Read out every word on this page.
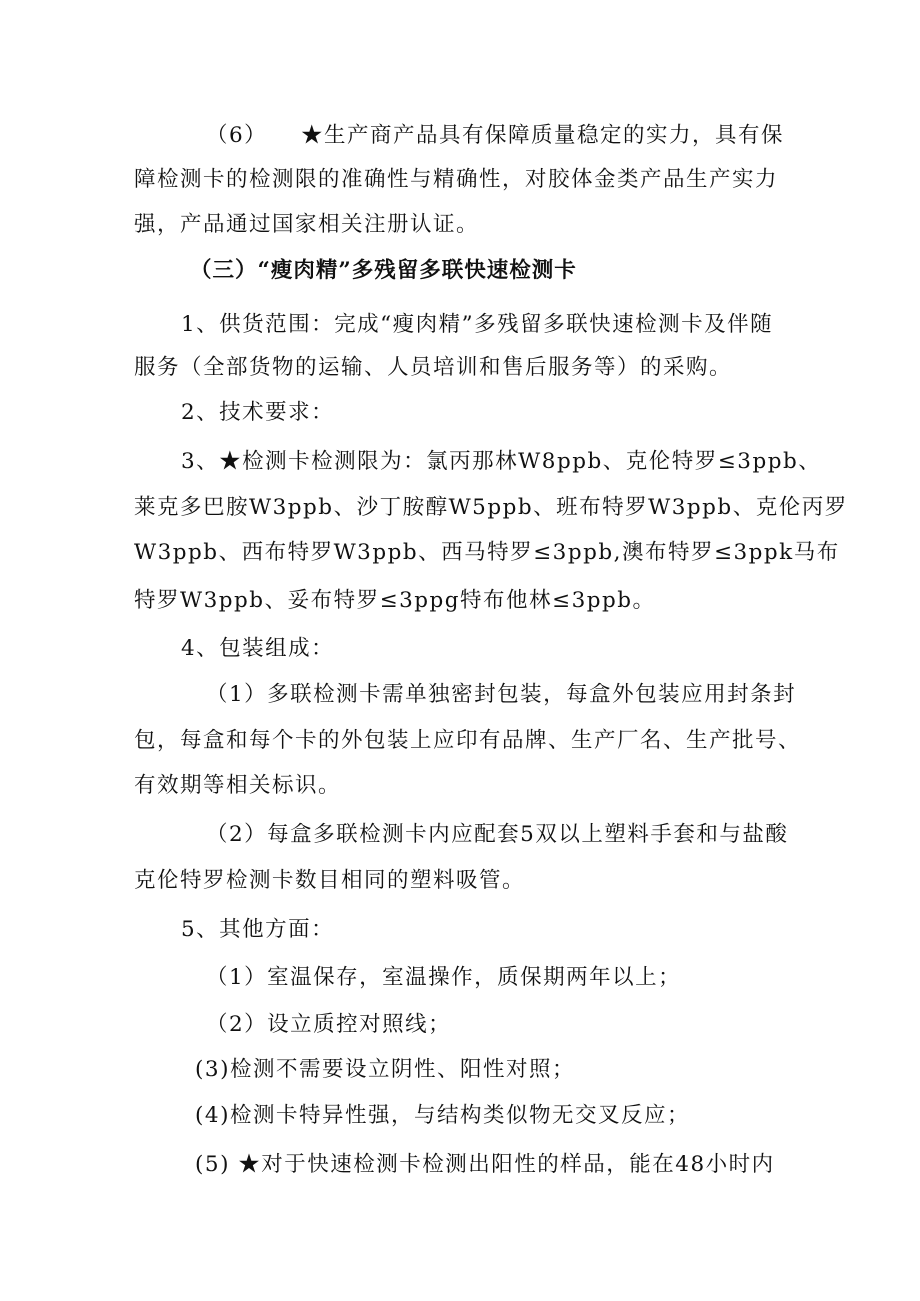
（6） ★生产商产品具有保障质量稳定的实力，具有保
障检测卡的检测限的准确性与精确性，对胶体金类产品生产实力
强，产品通过国家相关注册认证。
（三）“瘦肉精”多残留多联快速检测卡
1、供货范围：完成“瘦肉精”多残留多联快速检测卡及伴随
服务（全部货物的运输、人员培训和售后服务等）的采购。
2、技术要求：
3、★检测卡检测限为：氯丙那林W8ppb、克伦特罗≤3ppb、
莱克多巴胺W3ppb、沙丁胺醇W5ppb、班布特罗W3ppb、克伦丙罗
W3ppb、西布特罗W3ppb、西马特罗≤3ppb,澳布特罗≤3ppk马布
特罗W3ppb、妥布特罗≤3ppg特布他林≤3ppb。
4、包装组成：
（1）多联检测卡需单独密封包装，每盒外包装应用封条封
包，每盒和每个卡的外包装上应印有品牌、生产厂名、生产批号、
有效期等相关标识。
（2）每盒多联检测卡内应配套5双以上塑料手套和与盐酸
克伦特罗检测卡数目相同的塑料吸管。
5、其他方面：
（1）室温保存，室温操作，质保期两年以上；
（2）设立质控对照线；
(3)检测不需要设立阴性、阳性对照；
(4)检测卡特异性强，与结构类似物无交叉反应；
(5) ★对于快速检测卡检测出阳性的样品，能在48小时内
